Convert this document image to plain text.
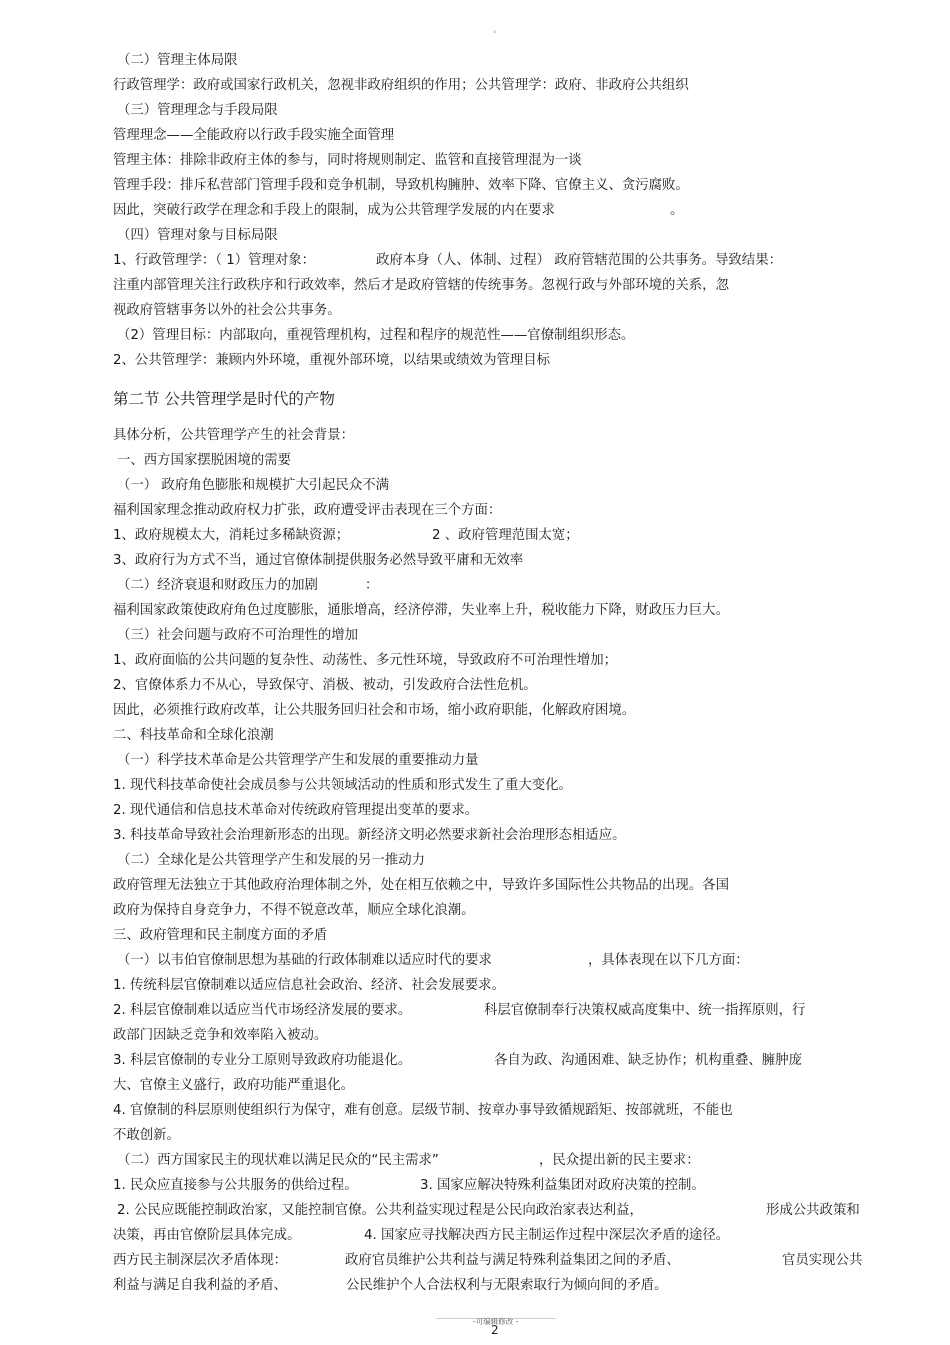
。
（二）管理主体局限
行政管理学：政府或国家行政机关，忽视非政府组织的作用；公共管理学：政府、非政府公共组织
（三）管理理念与手段局限
管理理念——全能政府以行政手段实施全面管理
管理主体：排除非政府主体的参与，同时将规则制定、监管和直接管理混为一谈
管理手段：排斥私营部门管理手段和竞争机制，导致机构臃肿、效率下降、官僚主义、贪污腐败。
因此，突破行政学在理念和手段上的限制，成为公共管理学发展的内在要求	。
（四）管理对象与目标局限
1、行政管理学：（ 1）管理对象：	政府本身（人、体制、过程） 政府管辖范围的公共事务。导致结果：
注重内部管理关注行政秩序和行政效率，然后才是政府管辖的传统事务。忽视行政与外部环境的关系，忽
视政府管辖事务以外的社会公共事务。
（2）管理目标：内部取向，重视管理机构，过程和程序的规范性——官僚制组织形态。
2、公共管理学：兼顾内外环境，重视外部环境，以结果或绩效为管理目标
第二节 公共管理学是时代的产物
具体分析，公共管理学产生的社会背景：
一、西方国家摆脱困境的需要
（一） 政府角色膨胀和规模扩大引起民众不满
福利国家理念推动政府权力扩张，政府遭受评击表现在三个方面：
1、政府规模太大，消耗过多稀缺资源；	2 、政府管理范围太宽；
3、政府行为方式不当，通过官僚体制提供服务必然导致平庸和无效率
（二）经济衰退和财政压力的加剧	：
福利国家政策使政府角色过度膨胀，通胀增高，经济停滞，失业率上升，税收能力下降，财政压力巨大。
（三）社会问题与政府不可治理性的增加
1、政府面临的公共问题的复杂性、动荡性、多元性环境，导致政府不可治理性增加；
2、官僚体系力不从心，导致保守、消极、被动，引发政府合法性危机。
因此，必须推行政府改革，让公共服务回归社会和市场，缩小政府职能，化解政府困境。
二、科技革命和全球化浪潮
（一）科学技术革命是公共管理学产生和发展的重要推动力量
1. 现代科技革命使社会成员参与公共领域活动的性质和形式发生了重大变化。
2. 现代通信和信息技术革命对传统政府管理提出变革的要求。
3. 科技革命导致社会治理新形态的出现。新经济文明必然要求新社会治理形态相适应。
（二）全球化是公共管理学产生和发展的另一推动力
政府管理无法独立于其他政府治理体制之外，处在相互依赖之中，导致许多国际性公共物品的出现。各国
政府为保持自身竞争力，不得不锐意改革，顺应全球化浪潮。
三、政府管理和民主制度方面的矛盾
（一）以韦伯官僚制思想为基础的行政体制难以适应时代的要求	，具体表现在以下几方面：
1. 传统科层官僚制难以适应信息社会政治、经济、社会发展要求。
2. 科层官僚制难以适应当代市场经济发展的要求。	科层官僚制奉行决策权威高度集中、统一指挥原则，行
政部门因缺乏竞争和效率陷入被动。
3. 科层官僚制的专业分工原则导致政府功能退化。	各自为政、沟通困难、缺乏协作；机构重叠、臃肿庞
大、官僚主义盛行，政府功能严重退化。
4. 官僚制的科层原则使组织行为保守，难有创意。层级节制、按章办事导致循规蹈矩、按部就班，不能也
不敢创新。
（二）西方国家民主的现状难以满足民众的“民主需求”	，民众提出新的民主要求：
1. 民众应直接参与公共服务的供给过程。	3. 国家应解决特殊利益集团对政府决策的控制。
2. 公民应既能控制政治家，又能控制官僚。公共利益实现过程是公民向政治家表达利益，	形成公共政策和
决策，再由官僚阶层具体完成。	4. 国家应寻找解决西方民主制运作过程中深层次矛盾的途径。
西方民主制深层次矛盾体现：	政府官员维护公共利益与满足特殊利益集团之间的矛盾、	官员实现公共
利益与满足自我利益的矛盾、	公民维护个人合法权利与无限索取行为倾向间的矛盾。
-可编辑修改 -
2
